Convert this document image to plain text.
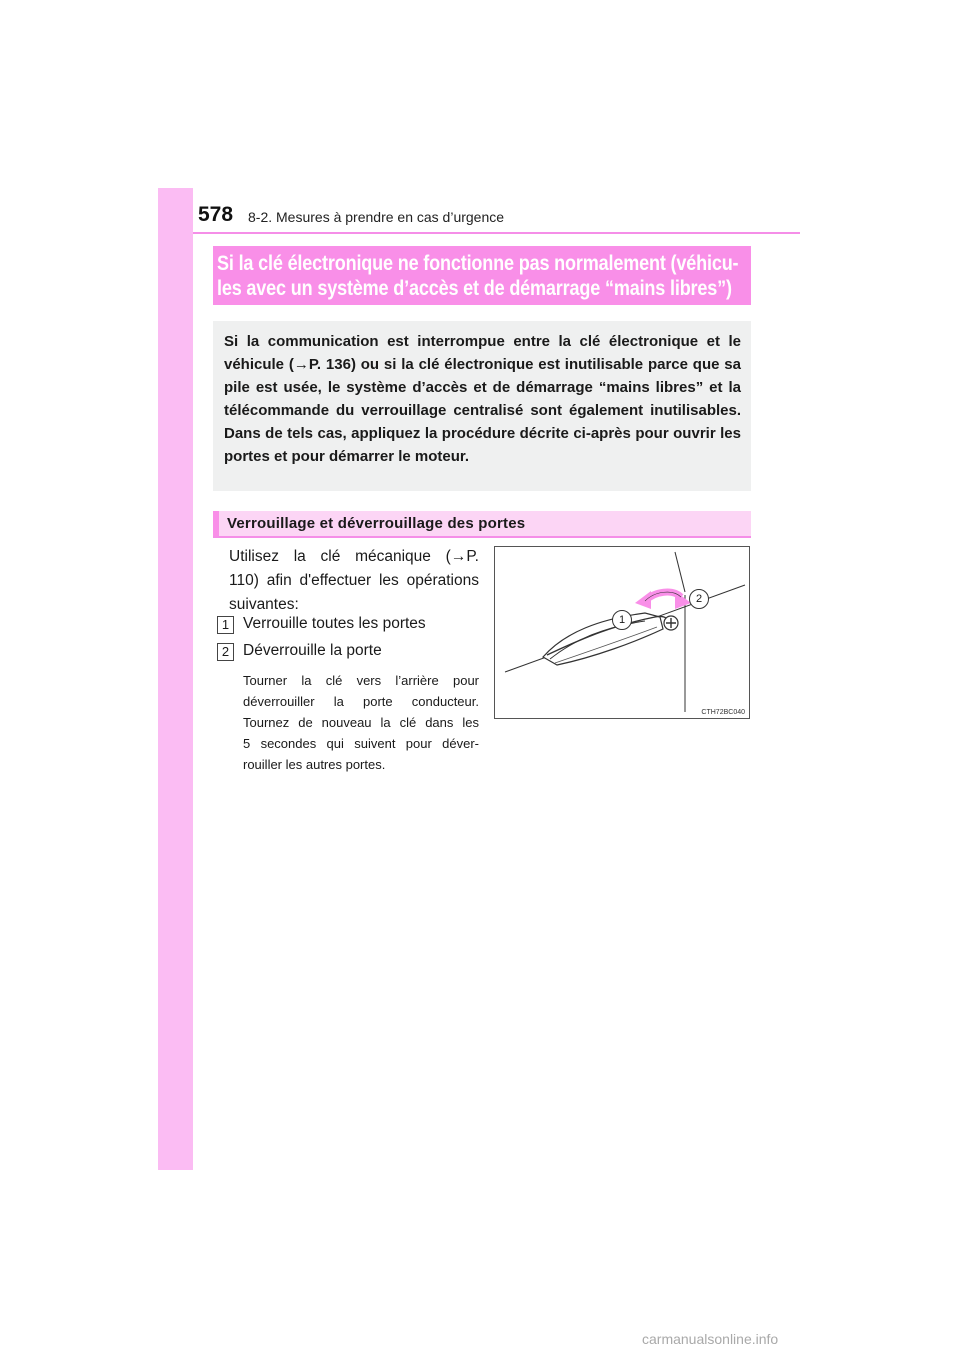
578 8-2. Mesures à prendre en cas d’urgence
Si la clé électronique ne fonctionne pas normalement (véhicu-
les avec un système d’accès et de démarrage “mains libres”)

Si la communication est interrompue entre la clé électronique et le véhicule (→P. 136) ou si la clé électronique est inutilisable parce que sa pile est usée, le système d’accès et de démarrage “mains libres” et la télécommande du verrouillage centralisé sont également inutilisables. Dans de tels cas, appliquez la procédure décrite ci-après pour ouvrir les portes et pour démarrer le moteur.

Verrouillage et déverrouillage des portes

Utilisez la clé mécanique (→P.
110) afin d'effectuer les opérations
suivantes:

1 Verrouille toutes les portes
2 Déverrouille la porte

Tourner la clé vers l’arrière pour
déverrouiller la porte conducteur.
Tournez de nouveau la clé dans les
5 secondes qui suivent pour déver-
rouiller les autres portes.

1
2
CTH72BC040
carmanualsonline.info
